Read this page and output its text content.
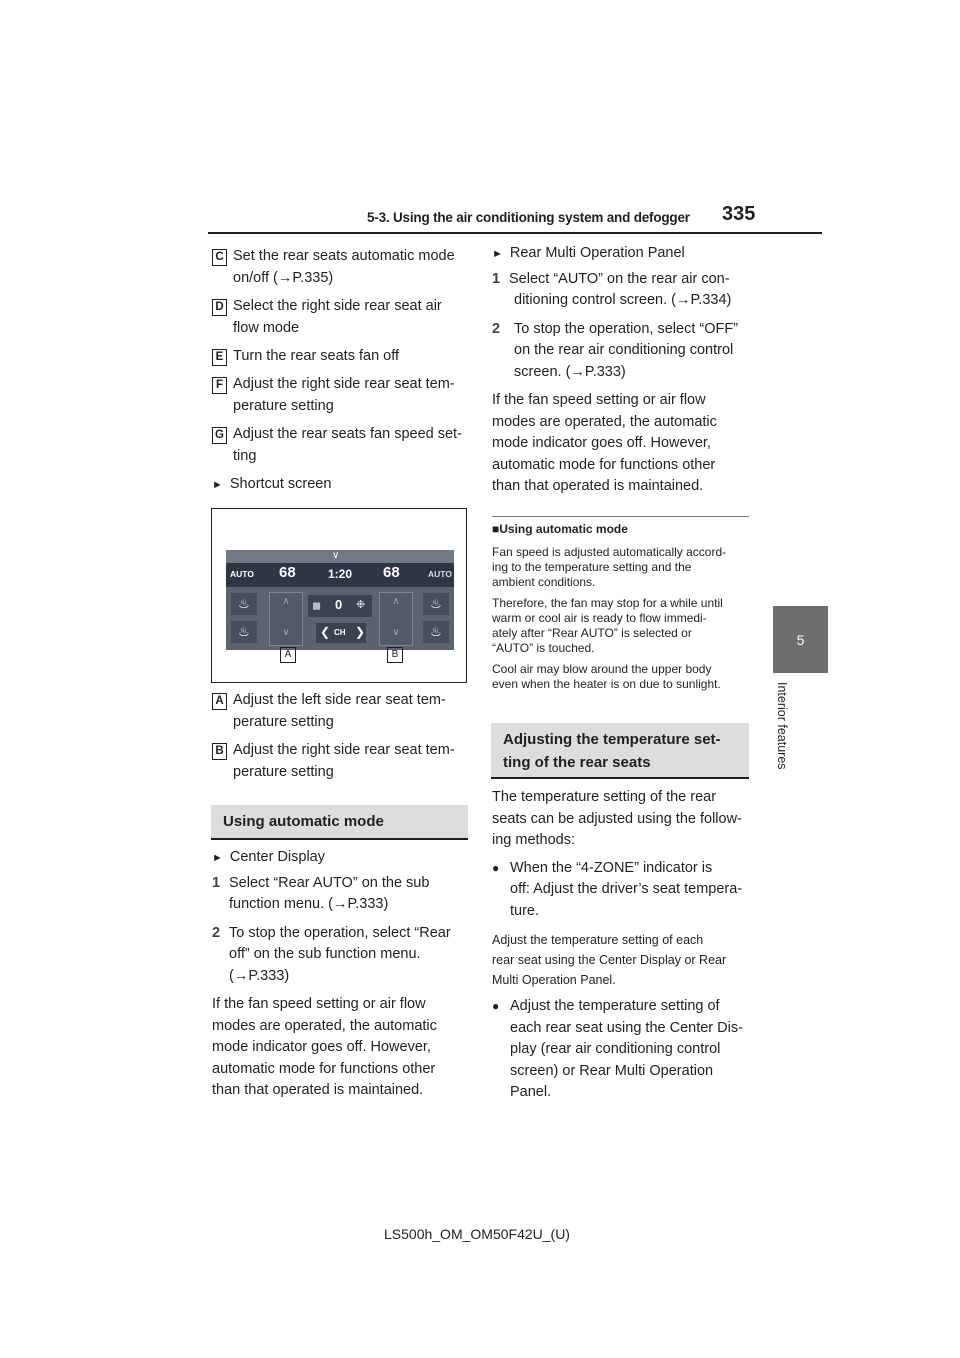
5-3. Using the air conditioning system and defogger 335
5
Interior features
C Set the rear seats automatic mode
on/off (→P.335)
D Select the right side rear seat air
flow mode
E Turn the rear seats fan off
F Adjust the right side rear seat tem-
perature setting
G Adjust the rear seats fan speed set-
ting
► Shortcut screen
∨
AUTO 68	1:20 68	AUTO
♨
♨
♨
♨
∧
∨
∧
∨
◼ 0 ❉
❮ CH ❯
A	B
A Adjust the left side rear seat tem-
perature setting
B Adjust the right side rear seat tem-
perature setting
Using automatic mode
► Center Display
1 Select “Rear AUTO” on the sub
function menu. (→P.333)
2 To stop the operation, select “Rear
off” on the sub function menu.
(→P.333)
If the fan speed setting or air flow
modes are operated, the automatic
mode indicator goes off. However,
automatic mode for functions other
than that operated is maintained.
► Rear Multi Operation Panel
1 Select “AUTO” on the rear air con-
ditioning control screen. (→P.334)
2 To stop the operation, select “OFF”
on the rear air conditioning control
screen. (→P.333)
If the fan speed setting or air flow
modes are operated, the automatic
mode indicator goes off. However,
automatic mode for functions other
than that operated is maintained.
■Using automatic mode
Fan speed is adjusted automatically accord-
ing to the temperature setting and the
ambient conditions.
Therefore, the fan may stop for a while until
warm or cool air is ready to flow immedi-
ately after “Rear AUTO” is selected or
“AUTO” is touched.
Cool air may blow around the upper body
even when the heater is on due to sunlight.
Adjusting the temperature set-
ting of the rear seats
The temperature setting of the rear
seats can be adjusted using the follow-
ing methods:
● When the “4-ZONE” indicator is
off: Adjust the driver’s seat tempera-
ture.
Adjust the temperature setting of each
rear seat using the Center Display or Rear
Multi Operation Panel.
● Adjust the temperature setting of
each rear seat using the Center Dis-
play (rear air conditioning control
screen) or Rear Multi Operation
Panel.
LS500h_OM_OM50F42U_(U)
